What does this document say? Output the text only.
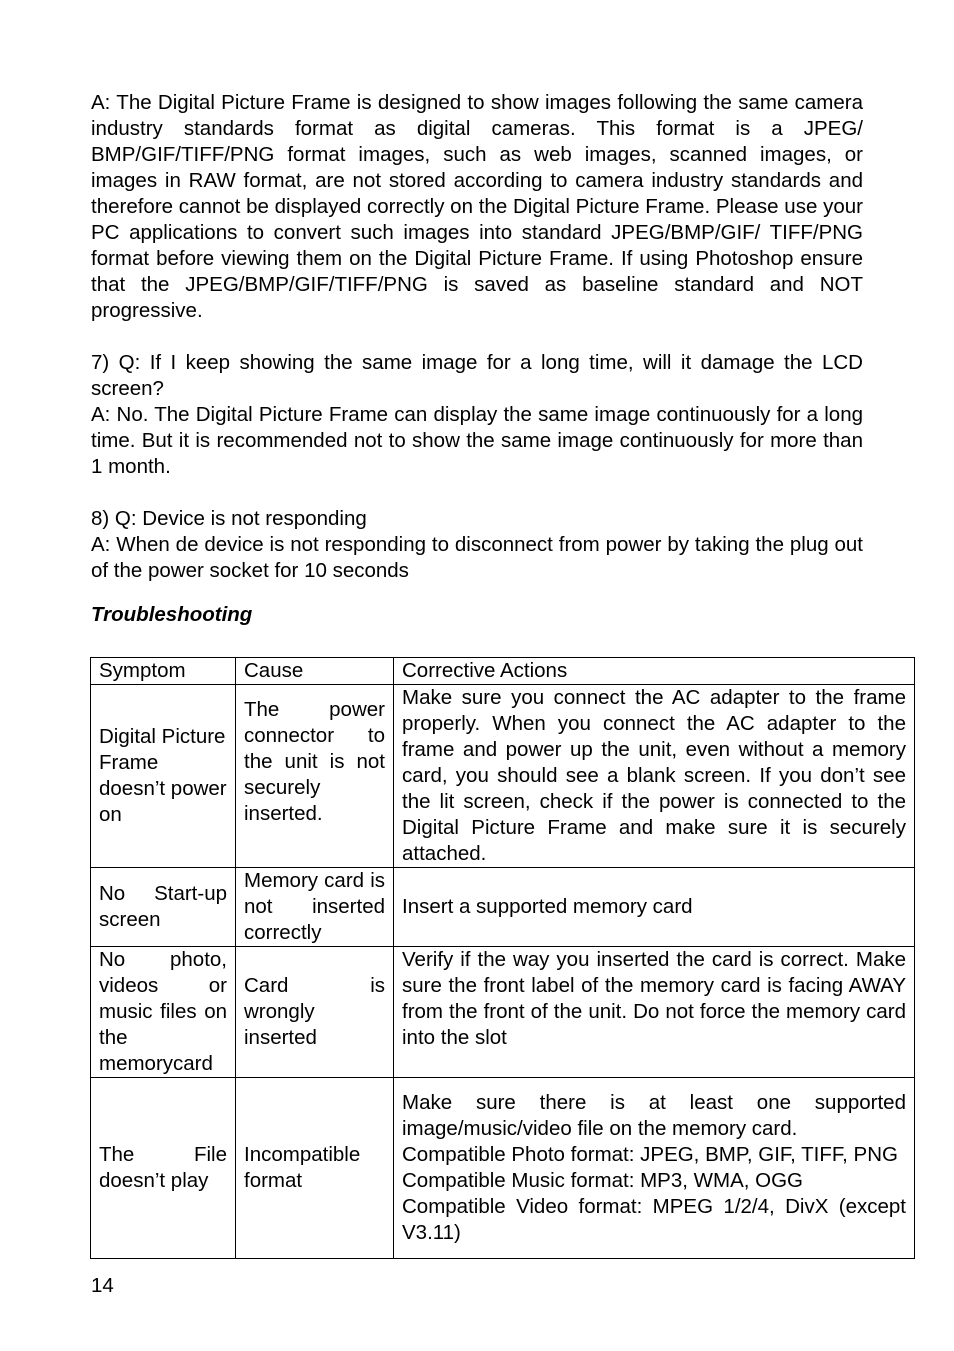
A: The Digital Picture Frame is designed to show images following the same camera industry standards format as digital cameras. This format is a JPEG/ BMP/GIF/TIFF/PNG format images, such as web images, scanned images, or images in RAW format, are not stored according to camera industry standards and therefore cannot be displayed correctly on the Digital Picture Frame. Please use your PC applications to convert such images into standard JPEG/BMP/GIF/ TIFF/PNG format before viewing them on the Digital Picture Frame. If using Photoshop ensure that the JPEG/BMP/GIF/TIFF/PNG is saved as baseline standard and NOT progressive.

7) Q: If I keep showing the same image for a long time, will it damage the LCD screen?

A: No. The Digital Picture Frame can display the same image continuously for a long time. But it is recommended not to show the same image continuously for more than 1 month.

8) Q: Device is not responding

A: When de device is not responding to disconnect from power by taking the plug out of the power socket for 10 seconds

Troubleshooting
Symptom	Cause	Corrective Actions
Digital Picture Frame doesn’t power on	The power connector to the unit is not securely inserted.	Make sure you connect the AC adapter to the frame properly. When you connect the AC adapter to the frame and power up the unit, even without a memory card, you should see a blank screen. If you don’t see the lit screen, check if the power is connected to the Digital Picture Frame and make sure it is securely attached.
No Start-up screen	Memory card is not inserted correctly	Insert a supported memory card
No photo, videos or music files on the memorycard	Card is wrongly inserted	Verify if the way you inserted the card is correct. Make sure the front label of the memory card is facing AWAY from the front of the unit. Do not force the memory card into the slot
The File doesn’t play	Incompatible format	Make sure there is at least one supported image/music/video file on the memory card.
Compatible Photo format: JPEG, BMP, GIF, TIFF, PNG
Compatible Music format: MP3, WMA, OGG
Compatible Video format: MPEG 1/2/4, DivX (except V3.11)
14
